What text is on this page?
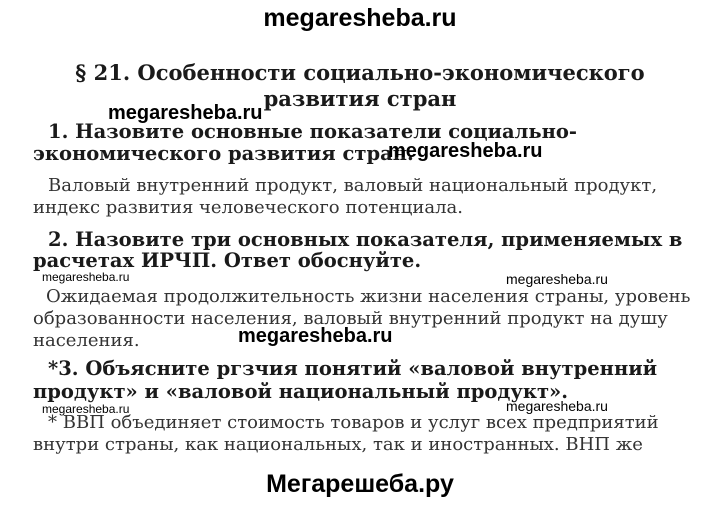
megaresheba.ru
§ 21. Особенности социально-экономического
развития стран
megaresheba.ru
1. Назовите основные показатели социально-
экономического развития стран.
megaresheba.ru
Валовый внутренний продукт, валовый национальный продукт,
индекс развития человеческого потенциала.
2. Назовите три основных показателя, применяемых в
расчетах ИРЧП. Ответ обоснуйте.
megaresheba.ru	megaresheba.ru
Ожидаемая продолжительность жизни населения страны, уровень
образованности населения, валовый внутренний продукт на душу
населения.	megaresheba.ru
*3. Объясните ргзчия понятий «валовой внутренний
продукт» и «валовой национальный продукт».
megaresheba.ru	megaresheba.ru
* ВВП объединяет стоимость товаров и услуг всех предприятий
внутри страны, как национальных, так и иностранных. ВНП же
Мегарешеба.ру
